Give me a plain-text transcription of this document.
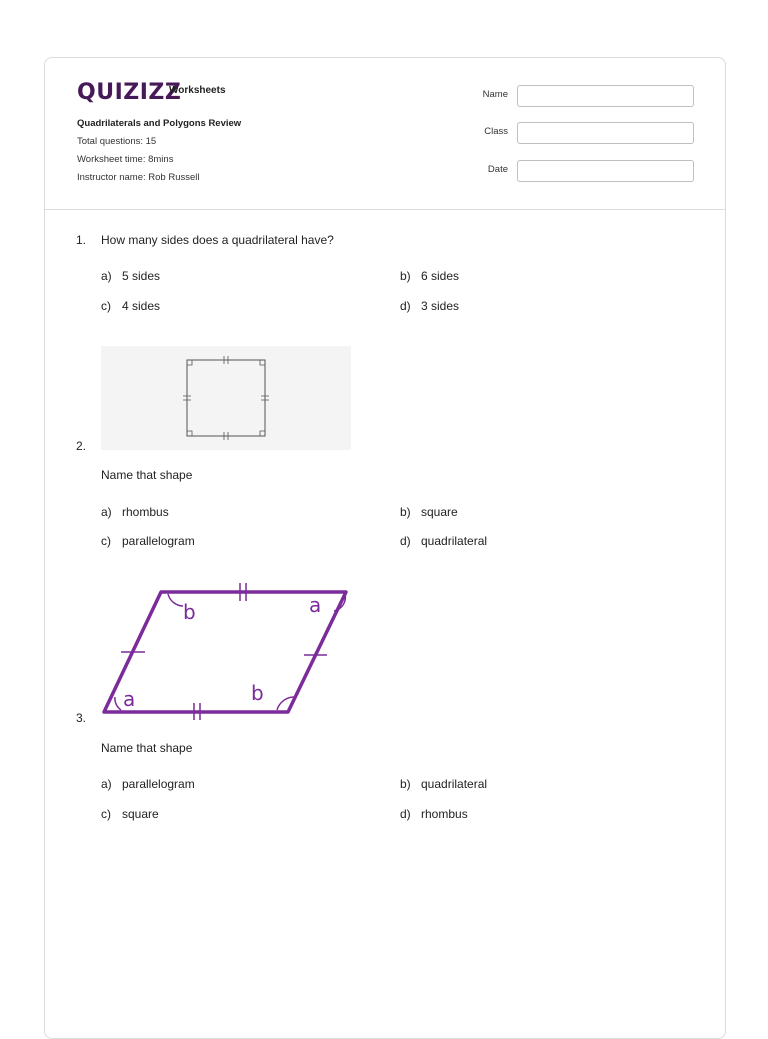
QUIZIZZ
Worksheets
Quadrilaterals and Polygons Review
Total questions: 15
Worksheet time: 8mins
Instructor name: Rob Russell
Name
Class
Date
1. How many sides does a quadrilateral have?
a) 5 sides	b) 6 sides
c) 4 sides	d) 3 sides
2.
Name that shape
a) rhombus	b) square
c) parallelogram	d) quadrilateral
b	a
a	b
3.
Name that shape
a) parallelogram	b) quadrilateral
c) square	d) rhombus
